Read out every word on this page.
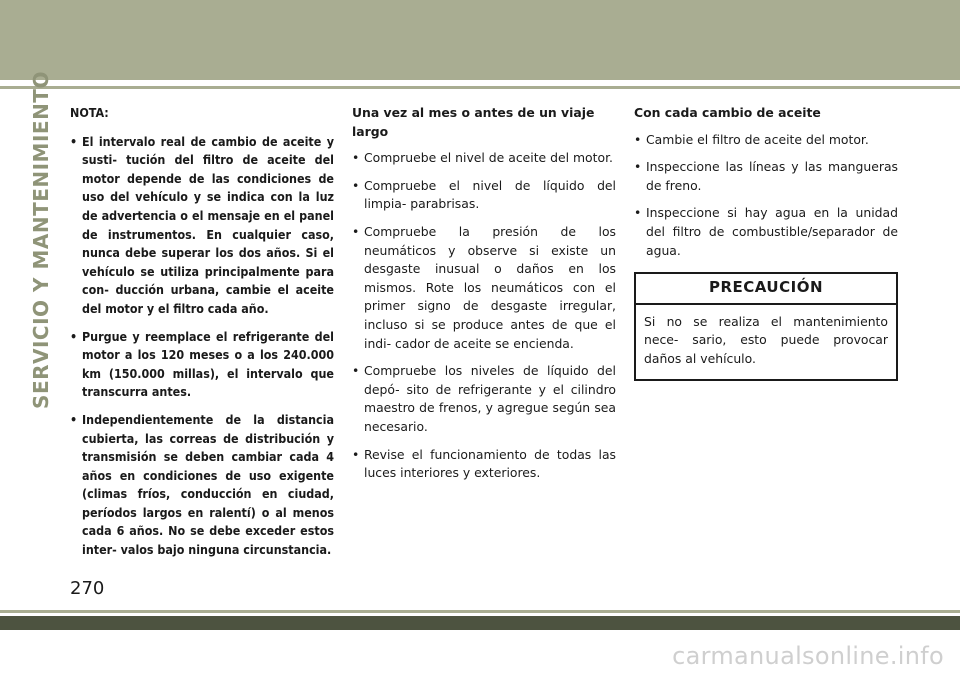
SERVICIO Y MANTENIMIENTO NOTA:
• El intervalo real de cambio de aceite y susti- tución del filtro de aceite del motor depende de las condiciones de uso del vehículo y se indica con la luz de advertencia o el mensaje en el panel de instrumentos. En cualquier caso, nunca debe superar los dos años. Si el vehículo se utiliza principalmente para con- ducción urbana, cambie el aceite del motor y el filtro cada año.
• Purgue y reemplace el refrigerante del motor a los 120 meses o a los 240.000 km (150.000 millas), el intervalo que transcurra antes.
• Independientemente de la distancia cubierta, las correas de distribución y transmisión se deben cambiar cada 4 años en condiciones de uso exigente (climas fríos, conducción en ciudad, períodos largos en ralentí) o al menos cada 6 años. No se debe exceder estos inter- valos bajo ninguna circunstancia.
Una vez al mes o antes de un viaje largo
• Compruebe el nivel de aceite del motor.
• Compruebe el nivel de líquido del limpia- parabrisas.
• Compruebe la presión de los neumáticos y observe si existe un desgaste inusual o daños en los mismos. Rote los neumáticos con el primer signo de desgaste irregular, incluso si se produce antes de que el indi- cador de aceite se encienda.
• Compruebe los niveles de líquido del depó- sito de refrigerante y el cilindro maestro de frenos, y agregue según sea necesario.
• Revise el funcionamiento de todas las luces interiores y exteriores.
Con cada cambio de aceite
• Cambie el filtro de aceite del motor.
• Inspeccione las líneas y las mangueras de freno.
• Inspeccione si hay agua en la unidad del filtro de combustible/separador de agua.
PRECAUCIÓN
Si no se realiza el mantenimiento nece- sario, esto puede provocar daños al vehículo.
270
carmanualsonline.info
